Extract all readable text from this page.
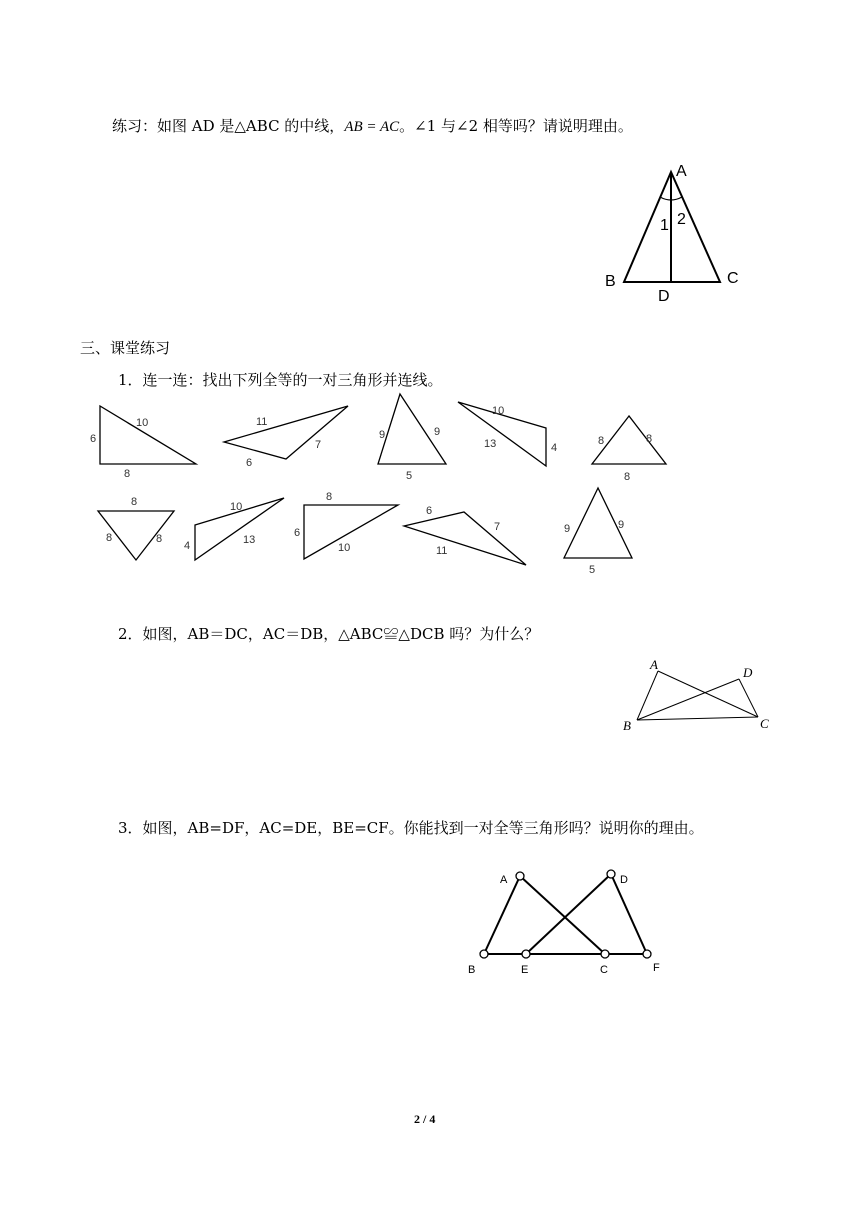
练习：如图 AD 是△ABC 的中线，AB = AC。∠1 与∠2 相等吗？请说明理由。
A
B	C
D
1 2
三、课堂练习
1．连一连：找出下列全等的一对三角形并连线。
10
6
8
11
7
6
9	9
5
10
13	4
8	8
8
8
8	8
10
4	13
8
6
10
6
7
11
9	9
5
2．如图，AB＝DC，AC＝DB，△ABC≌△DCB 吗？为什么？
A
D
B	C
3．如图，AB=DF，AC=DE，BE=CF。你能找到一对全等三角形吗？说明你的理由。
A	D
B	E	C	F
2 / 4
